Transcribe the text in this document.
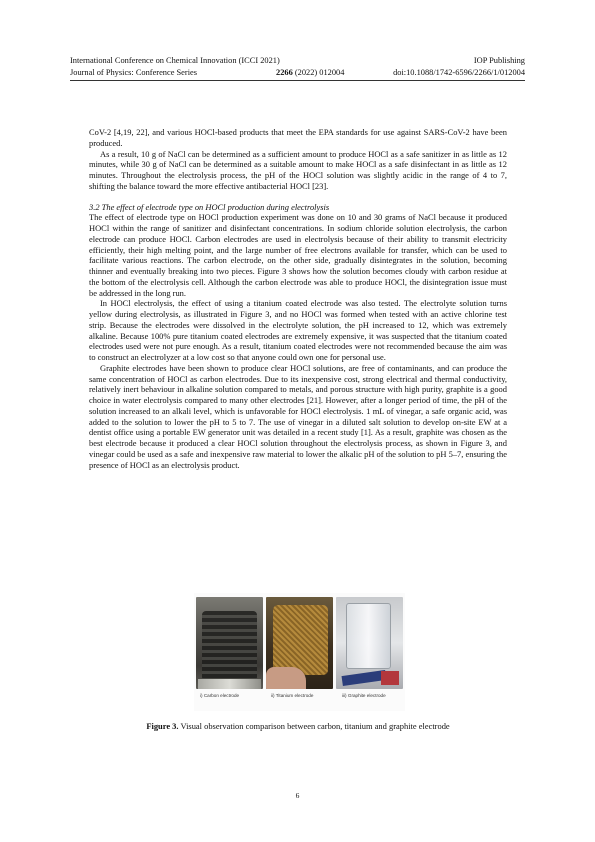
International Conference on Chemical Innovation (ICCI 2021)	IOP Publishing
Journal of Physics: Conference Series	2266 (2022) 012004	doi:10.1088/1742-6596/2266/1/012004

CoV-2 [4,19, 22], and various HOCl-based products that meet the EPA standards for use against SARS-CoV-2 have been produced.

As a result, 10 g of NaCl can be determined as a sufficient amount to produce HOCl as a safe sanitizer in as little as 12 minutes, while 30 g of NaCl can be determined as a suitable amount to make HOCl as a safe disinfectant in as little as 12 minutes. Throughout the electrolysis process, the pH of the HOCl solution was slightly acidic in the range of 4 to 7, shifting the balance toward the more effective antibacterial HOCl [23].

3.2 The effect of electrode type on HOCl production during electrolysis

The effect of electrode type on HOCl production experiment was done on 10 and 30 grams of NaCl because it produced HOCl within the range of sanitizer and disinfectant concentrations. In sodium chloride solution electrolysis, the carbon electrode can produce HOCl. Carbon electrodes are used in electrolysis because of their ability to transmit electricity efficiently, their high melting point, and the large number of free electrons available for transfer, which can be used to facilitate various reactions. The carbon electrode, on the other side, gradually disintegrates in the solution, becoming thinner and eventually breaking into two pieces. Figure 3 shows how the solution becomes cloudy with carbon residue at the bottom of the electrolysis cell. Although the carbon electrode was able to produce HOCl, the disintegration issue must be addressed in the long run.

In HOCl electrolysis, the effect of using a titanium coated electrode was also tested. The electrolyte solution turns yellow during electrolysis, as illustrated in Figure 3, and no HOCl was formed when tested with an active chlorine test strip. Because the electrodes were dissolved in the electrolyte solution, the pH increased to 12, which was extremely alkaline. Because 100% pure titanium coated electrodes are extremely expensive, it was suspected that the titanium coated electrodes used were not pure enough. As a result, titanium coated electrodes were not recommended because the aim was to construct an electrolyzer at a low cost so that anyone could own one for personal use.

Graphite electrodes have been shown to produce clear HOCl solutions, are free of contaminants, and can produce the same concentration of HOCl as carbon electrodes. Due to its inexpensive cost, strong electrical and thermal conductivity, relatively inert behaviour in alkaline solution compared to metals, and porous structure with high purity, graphite is a good choice in water electrolysis compared to many other electrodes [21]. However, after a longer period of time, the pH of the solution increased to an alkali level, which is unfavorable for HOCl electrolysis. 1 mL of vinegar, a safe organic acid, was added to the solution to lower the pH to 5 to 7. The use of vinegar in a diluted salt solution to develop on-site EW at a dentist office using a portable EW generator unit was detailed in a recent study [1]. As a result, graphite was chosen as the best electrode because it produced a clear HOCl solution throughout the electrolysis process, as shown in Figure 3, and vinegar could be used as a safe and inexpensive raw material to lower the alkalic pH of the solution to pH 5–7, ensuring the presence of HOCl as an electrolysis product.

i) Carbon electrode	ii) Titanium electrode	iii) Graphite electrode
Figure 3. Visual observation comparison between carbon, titanium and graphite electrode
6
